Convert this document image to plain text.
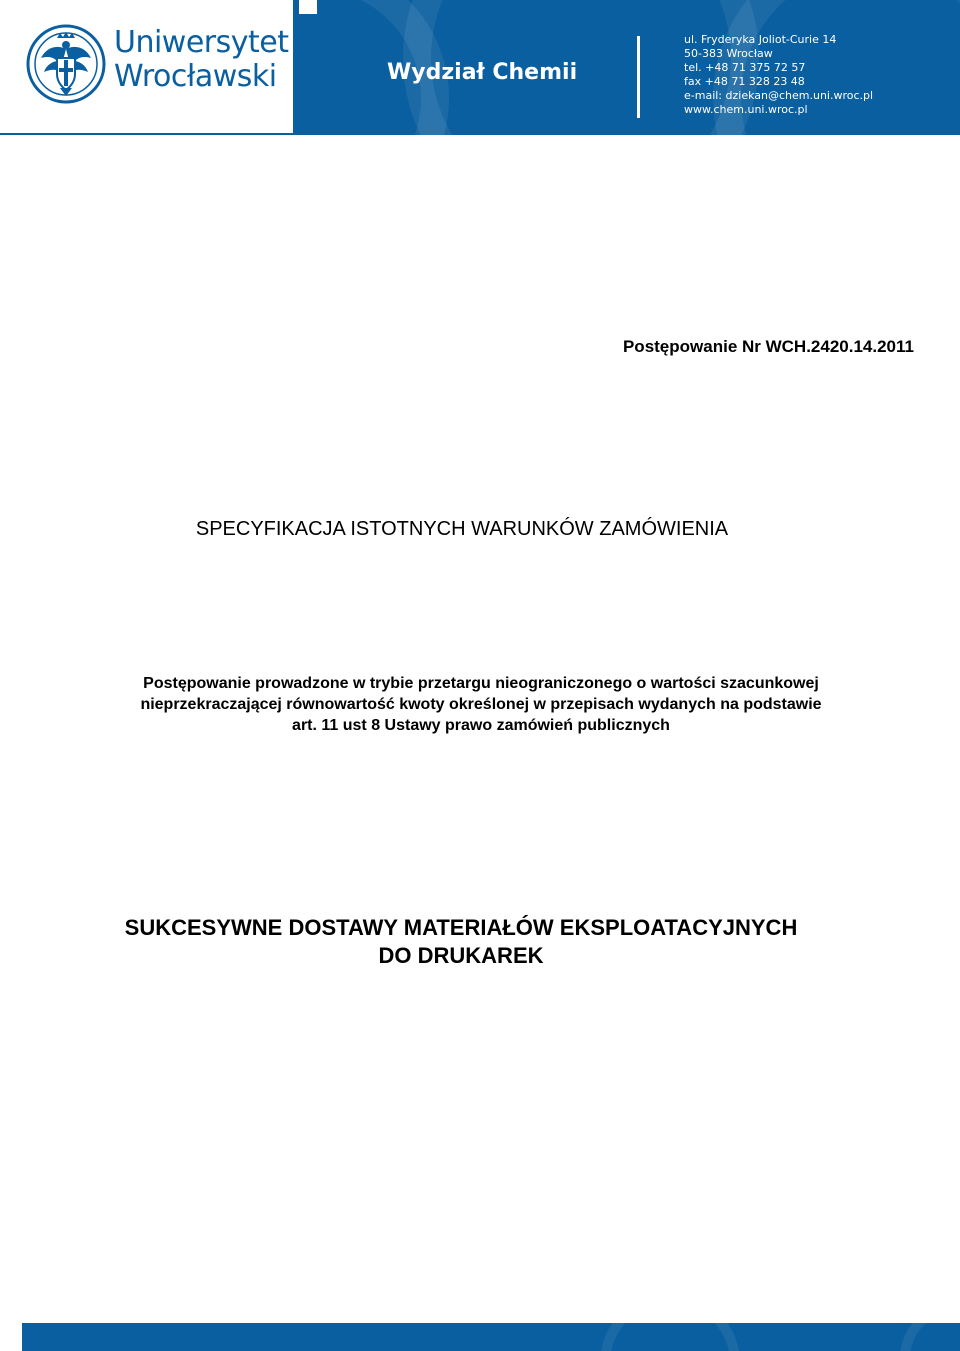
Uniwersytet
Wrocławski	Wydział Chemii
ul. Fryderyka Joliot-Curie 14
50-383 Wrocław
tel. +48 71 375 72 57
fax +48 71 328 23 48
e-mail: dziekan@chem.uni.wroc.pl
www.chem.uni.wroc.pl
Postępowanie Nr WCH.2420.14.2011
SPECYFIKACJA ISTOTNYCH WARUNKÓW ZAMÓWIENIA
Postępowanie prowadzone w trybie przetargu nieograniczonego o wartości szacunkowej
nieprzekraczającej równowartość kwoty określonej w przepisach wydanych na podstawie
art. 11 ust 8 Ustawy prawo zamówień publicznych
SUKCESYWNE DOSTAWY MATERIAŁÓW EKSPLOATACYJNYCH
DO DRUKAREK
